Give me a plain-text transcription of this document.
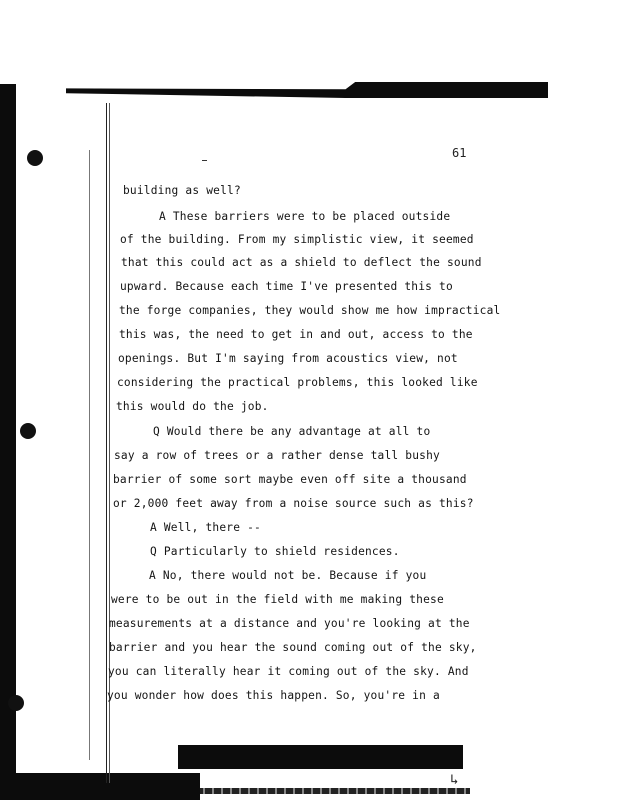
61
building as well?
A These barriers were to be placed outside
of the building. From my simplistic view, it seemed
that this could act as a shield to deflect the sound
upward. Because each time I've presented this to
the forge companies, they would show me how impractical
this was, the need to get in and out, access to the
openings. But I'm saying from acoustics view, not
considering the practical problems, this looked like
this would do the job.
Q Would there be any advantage at all to
say a row of trees or a rather dense tall bushy
barrier of some sort maybe even off site a thousand
or 2,000 feet away from a noise source such as this?
A Well, there --
Q Particularly to shield residences.
A No, there would not be. Because if you
were to be out in the field with me making these
measurements at a distance and you're looking at the
barrier and you hear the sound coming out of the sky,
you can literally hear it coming out of the sky. And
you wonder how does this happen. So, you're in a
↳
